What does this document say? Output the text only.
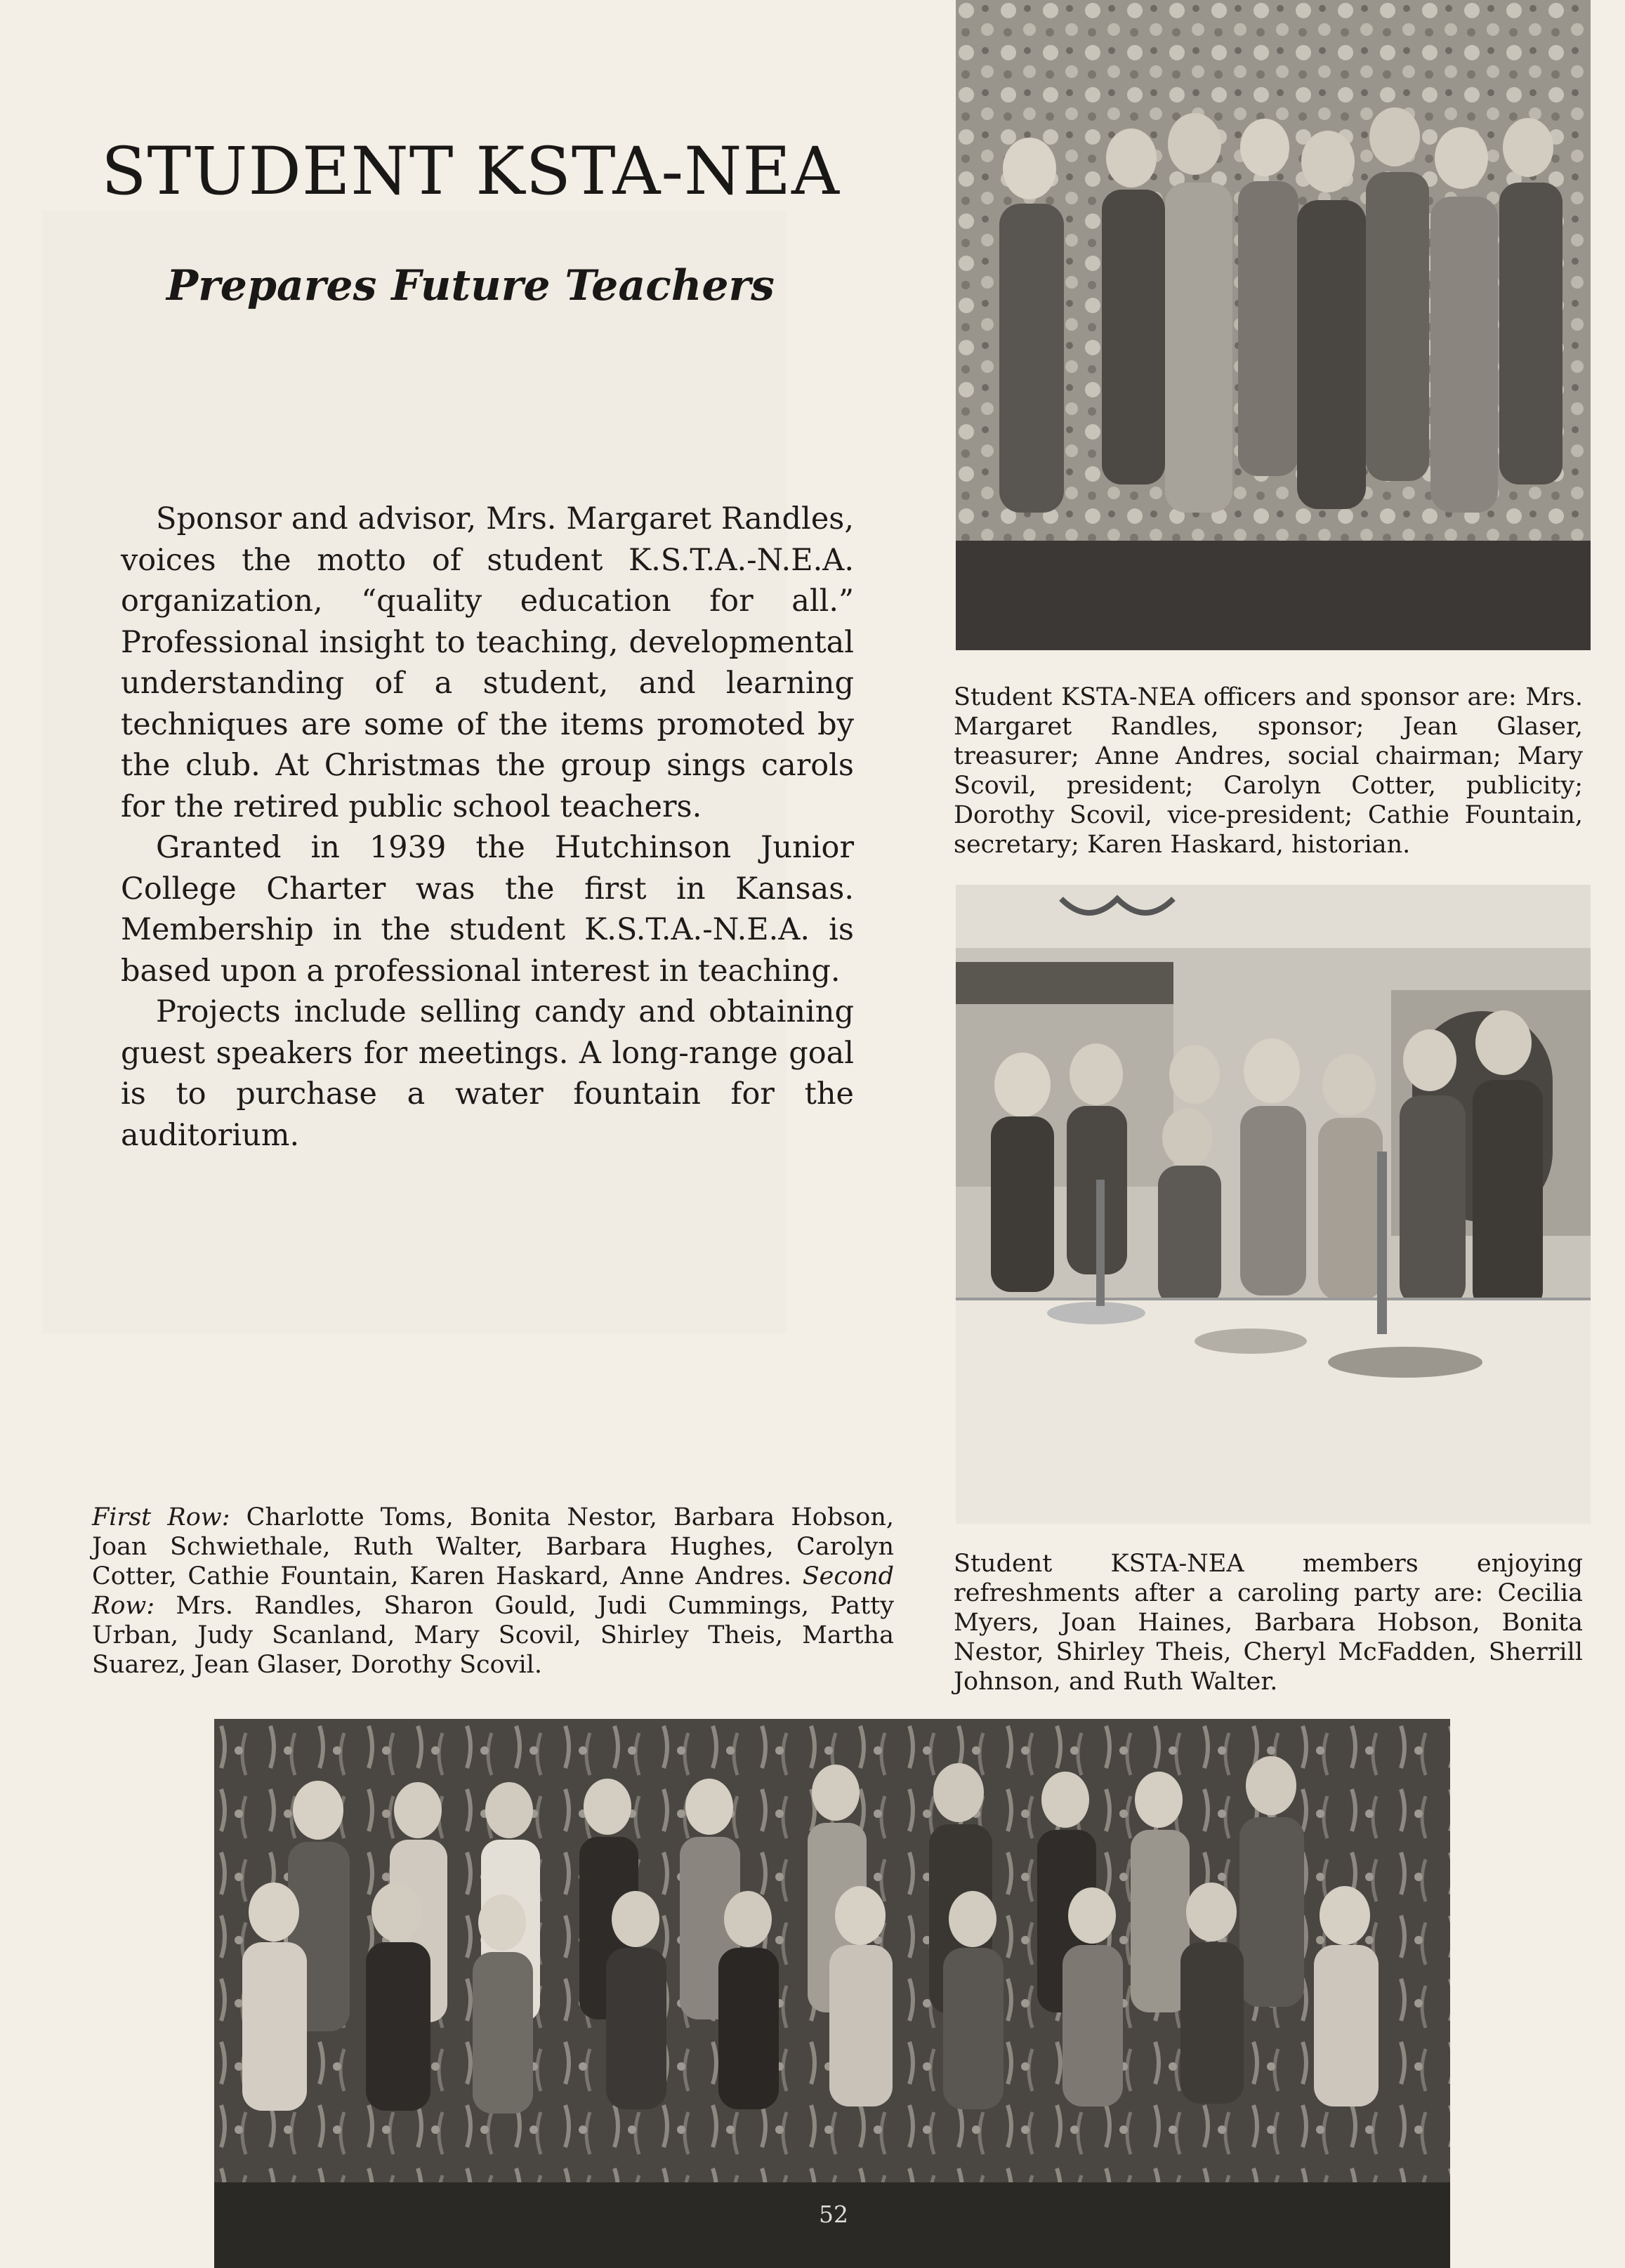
STUDENT KSTA-NEA
Prepares Future Teachers

Sponsor and advisor, Mrs. Margaret Randles, voices the motto of student K.S.T.A.-N.E.A. organization, “quality education for all.” Professional insight to teaching, developmental understanding of a student, and learning techniques are some of the items promoted by the club. At Christmas the group sings carols for the retired public school teachers.

Granted in 1939 the Hutchinson Junior College Charter was the first in Kansas. Membership in the student K.S.T.A.-N.E.A. is based upon a professional interest in teaching.

Projects include selling candy and obtaining guest speakers for meetings. A long-range goal is to purchase a water fountain for the auditorium.

Student KSTA-NEA officers and sponsor are: Mrs. Margaret Randles, sponsor; Jean Glaser, treasurer; Anne Andres, social chairman; Mary Scovil, president; Carolyn Cotter, publicity; Dorothy Scovil, vice-president; Cathie Fountain, secretary; Karen Haskard, historian.
Student KSTA-NEA members enjoying refreshments after a caroling party are: Cecilia Myers, Joan Haines, Barbara Hobson, Bonita Nestor, Shirley Theis, Cheryl McFadden, Sherrill Johnson, and Ruth Walter.
First Row: Charlotte Toms, Bonita Nestor, Barbara Hobson, Joan Schwiethale, Ruth Walter, Barbara Hughes, Carolyn Cotter, Cathie Fountain, Karen Haskard, Anne Andres. Second Row: Mrs. Randles, Sharon Gould, Judi Cummings, Patty Urban, Judy Scanland, Mary Scovil, Shirley Theis, Martha Suarez, Jean Glaser, Dorothy Scovil.
52
